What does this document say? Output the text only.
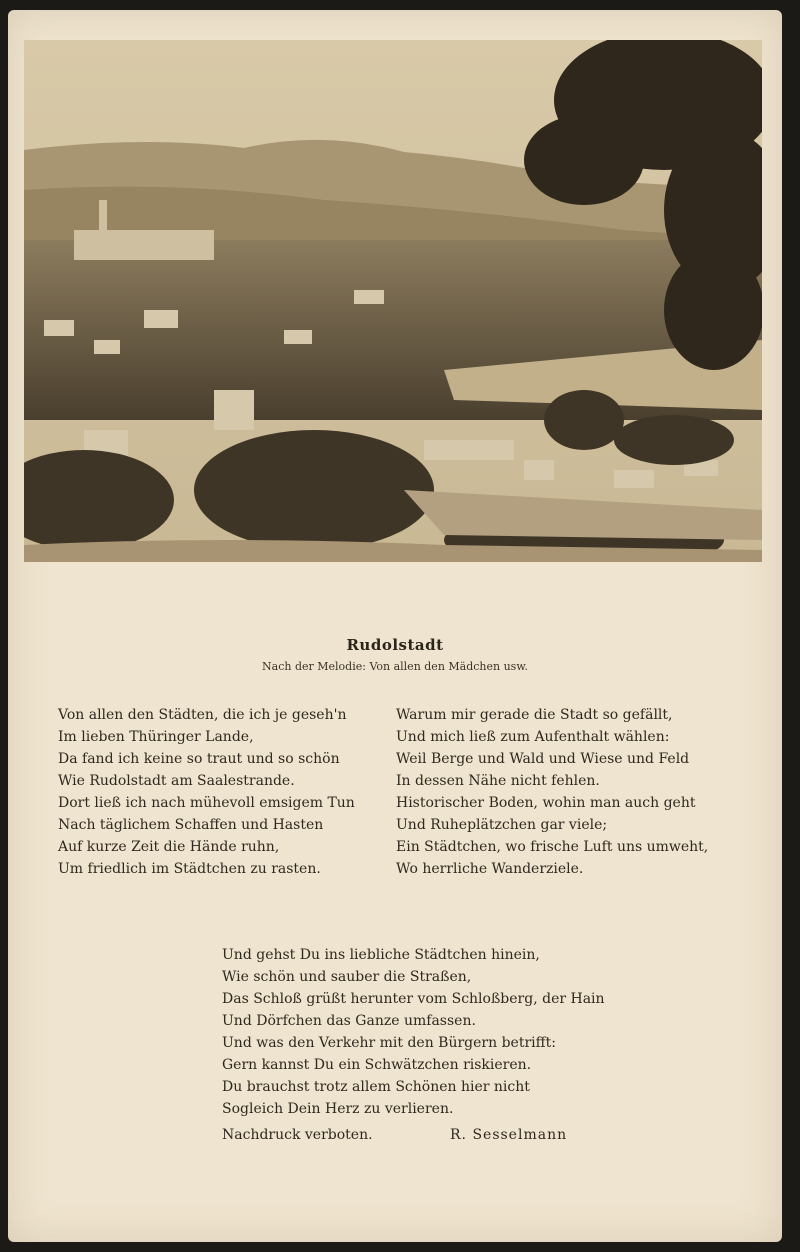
Rudolstadt
Nach der Melodie: Von allen den Mädchen usw.
Von allen den Städten, die ich je geseh'n
Im lieben Thüringer Lande,
Da fand ich keine so traut und so schön
Wie Rudolstadt am Saalestrande.
Dort ließ ich nach mühevoll emsigem Tun
Nach täglichem Schaffen und Hasten
Auf kurze Zeit die Hände ruhn,
Um friedlich im Städtchen zu rasten.
Warum mir gerade die Stadt so gefällt,
Und mich ließ zum Aufenthalt wählen:
Weil Berge und Wald und Wiese und Feld
In dessen Nähe nicht fehlen.
Historischer Boden, wohin man auch geht
Und Ruheplätzchen gar viele;
Ein Städtchen, wo frische Luft uns umweht,
Wo herrliche Wanderziele.
Und gehst Du ins liebliche Städtchen hinein,
Wie schön und sauber die Straßen,
Das Schloß grüßt herunter vom Schloßberg, der Hain
Und Dörfchen das Ganze umfassen.
Und was den Verkehr mit den Bürgern betrifft:
Gern kannst Du ein Schwätzchen riskieren.
Du brauchst trotz allem Schönen hier nicht
Sogleich Dein Herz zu verlieren.
Nachdruck verboten.	R. Sesselmann
